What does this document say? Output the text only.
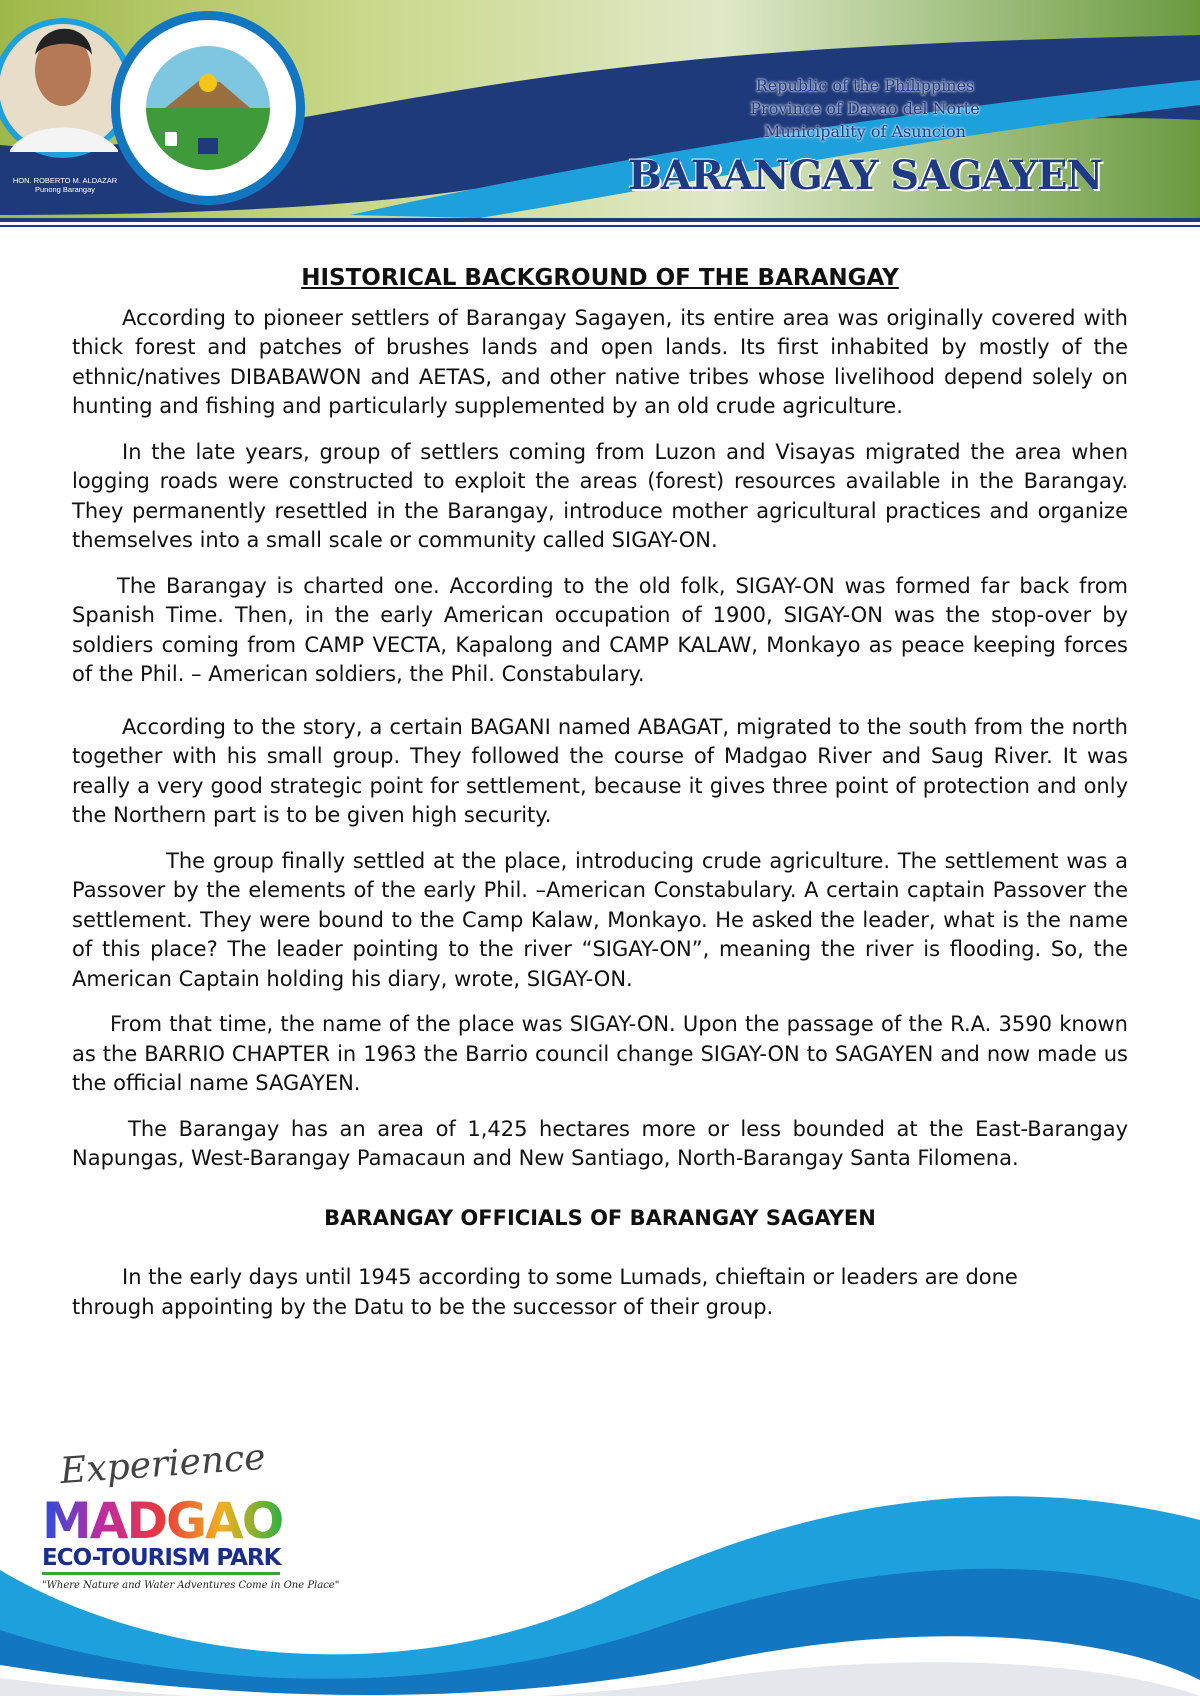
HON. ROBERTO M. ALDAZAR
Punong Barangay
Republic of the Philippines
Province of Davao del Norte
Municipality of Asuncion
BARANGAY SAGAYEN
HISTORICAL BACKGROUND OF THE BARANGAY

According to pioneer settlers of Barangay Sagayen, its entire area was originally covered with thick forest and patches of brushes lands and open lands. Its first inhabited by mostly of the ethnic/natives DIBABAWON and AETAS, and other native tribes whose livelihood depend solely on hunting and fishing and particularly supplemented by an old crude agriculture.

In the late years, group of settlers coming from Luzon and Visayas migrated the area when logging roads were constructed to exploit the areas (forest) resources available in the Barangay. They permanently resettled in the Barangay, introduce mother agricultural practices and organize themselves into a small scale or community called SIGAY-ON.

The Barangay is charted one. According to the old folk, SIGAY-ON was formed far back from Spanish Time. Then, in the early American occupation of 1900, SIGAY-ON was the stop-over by soldiers coming from CAMP VECTA, Kapalong and CAMP KALAW, Monkayo as peace keeping forces of the Phil. – American soldiers, the Phil. Constabulary.

According to the story, a certain BAGANI named ABAGAT, migrated to the south from the north together with his small group. They followed the course of Madgao River and Saug River. It was really a very good strategic point for settlement, because it gives three point of protection and only the Northern part is to be given high security.

The group finally settled at the place, introducing crude agriculture. The settlement was a Passover by the elements of the early Phil. –American Constabulary. A certain captain Passover the settlement. They were bound to the Camp Kalaw, Monkayo. He asked the leader, what is the name of this place? The leader pointing to the river “SIGAY-ON”, meaning the river is flooding. So, the American Captain holding his diary, wrote, SIGAY-ON.

From that time, the name of the place was SIGAY-ON. Upon the passage of the R.A. 3590 known as the BARRIO CHAPTER in 1963 the Barrio council change SIGAY-ON to SAGAYEN and now made us the official name SAGAYEN.

The Barangay has an area of 1,425 hectares more or less bounded at the East-Barangay Napungas, West-Barangay Pamacaun and New Santiago, North-Barangay Santa Filomena.

BARANGAY OFFICIALS OF BARANGAY SAGAYEN

In the early days until 1945 according to some Lumads, chieftain or leaders are done through appointing by the Datu to be the successor of their group.

Experience
MADGAO
ECO-TOURISM PARK
"Where Nature and Water Adventures Come in One Place"
